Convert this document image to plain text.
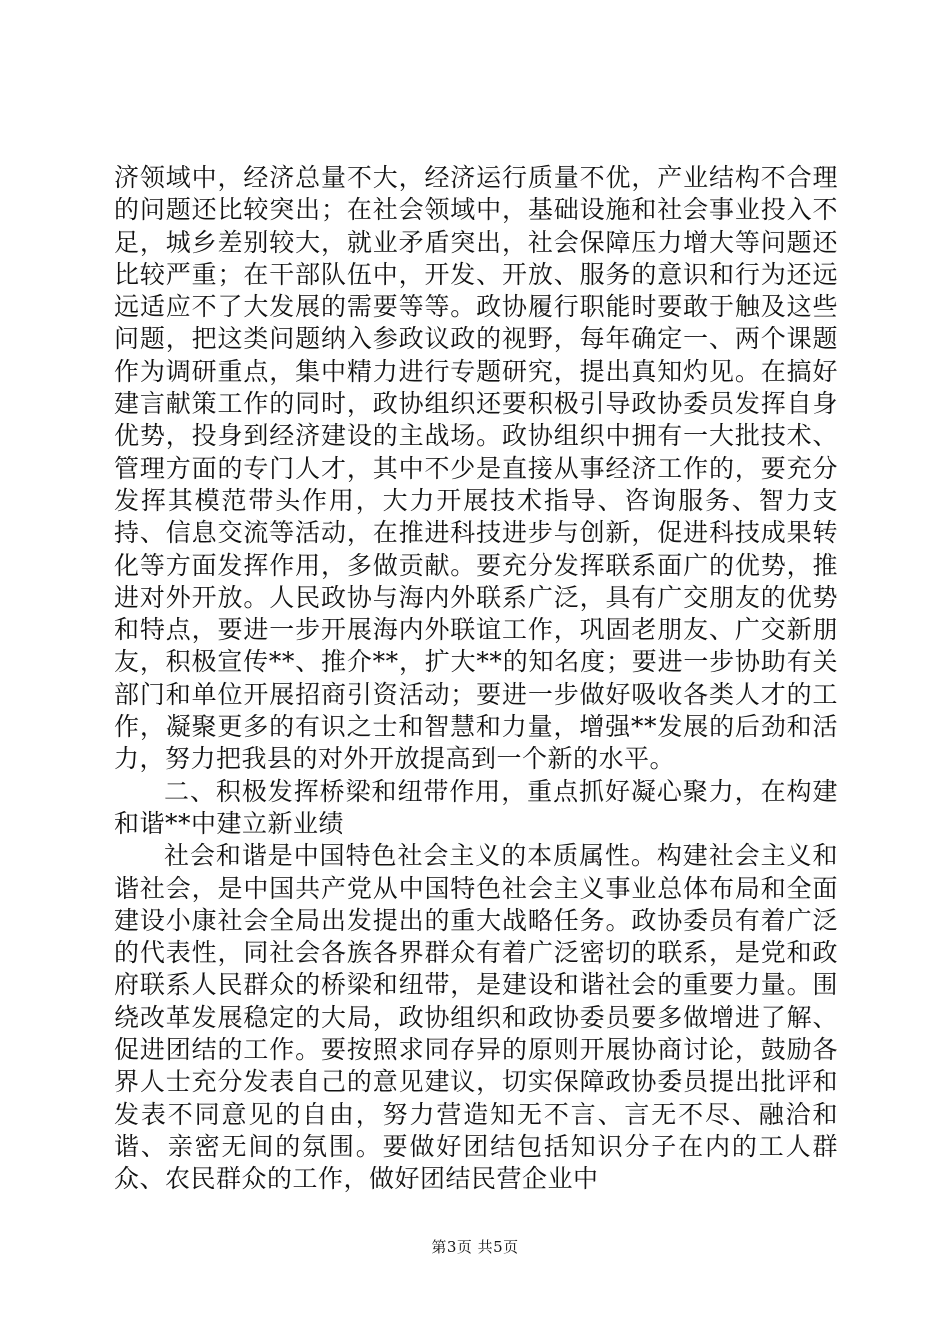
济领域中，经济总量不大，经济运行质量不优，产业结构不合理的问题还比较突出；在社会领域中，基础设施和社会事业投入不足，城乡差别较大，就业矛盾突出，社会保障压力增大等问题还比较严重；在干部队伍中，开发、开放、服务的意识和行为还远远适应不了大发展的需要等等。政协履行职能时要敢于触及这些问题，把这类问题纳入参政议政的视野，每年确定一、两个课题作为调研重点，集中精力进行专题研究，提出真知灼见。在搞好建言献策工作的同时，政协组织还要积极引导政协委员发挥自身优势，投身到经济建设的主战场。政协组织中拥有一大批技术、管理方面的专门人才，其中不少是直接从事经济工作的，要充分发挥其模范带头作用，大力开展技术指导、咨询服务、智力支持、信息交流等活动，在推进科技进步与创新，促进科技成果转化等方面发挥作用，多做贡献。要充分发挥联系面广的优势，推进对外开放。人民政协与海内外联系广泛，具有广交朋友的优势和特点，要进一步开展海内外联谊工作，巩固老朋友、广交新朋友，积极宣传**、推介**，扩大**的知名度；要进一步协助有关部门和单位开展招商引资活动；要进一步做好吸收各类人才的工作，凝聚更多的有识之士和智慧和力量，增强**发展的后劲和活力，努力把我县的对外开放提高到一个新的水平。

二、积极发挥桥梁和纽带作用，重点抓好凝心聚力，在构建和谐**中建立新业绩

社会和谐是中国特色社会主义的本质属性。构建社会主义和谐社会，是中国共产党从中国特色社会主义事业总体布局和全面建设小康社会全局出发提出的重大战略任务。政协委员有着广泛的代表性，同社会各族各界群众有着广泛密切的联系，是党和政府联系人民群众的桥梁和纽带，是建设和谐社会的重要力量。围绕改革发展稳定的大局，政协组织和政协委员要多做增进了解、促进团结的工作。要按照求同存异的原则开展协商讨论，鼓励各界人士充分发表自己的意见建议，切实保障政协委员提出批评和发表不同意见的自由，努力营造知无不言、言无不尽、融洽和谐、亲密无间的氛围。要做好团结包括知识分子在内的工人群众、农民群众的工作，做好团结民营企业中

第3页 共5页
